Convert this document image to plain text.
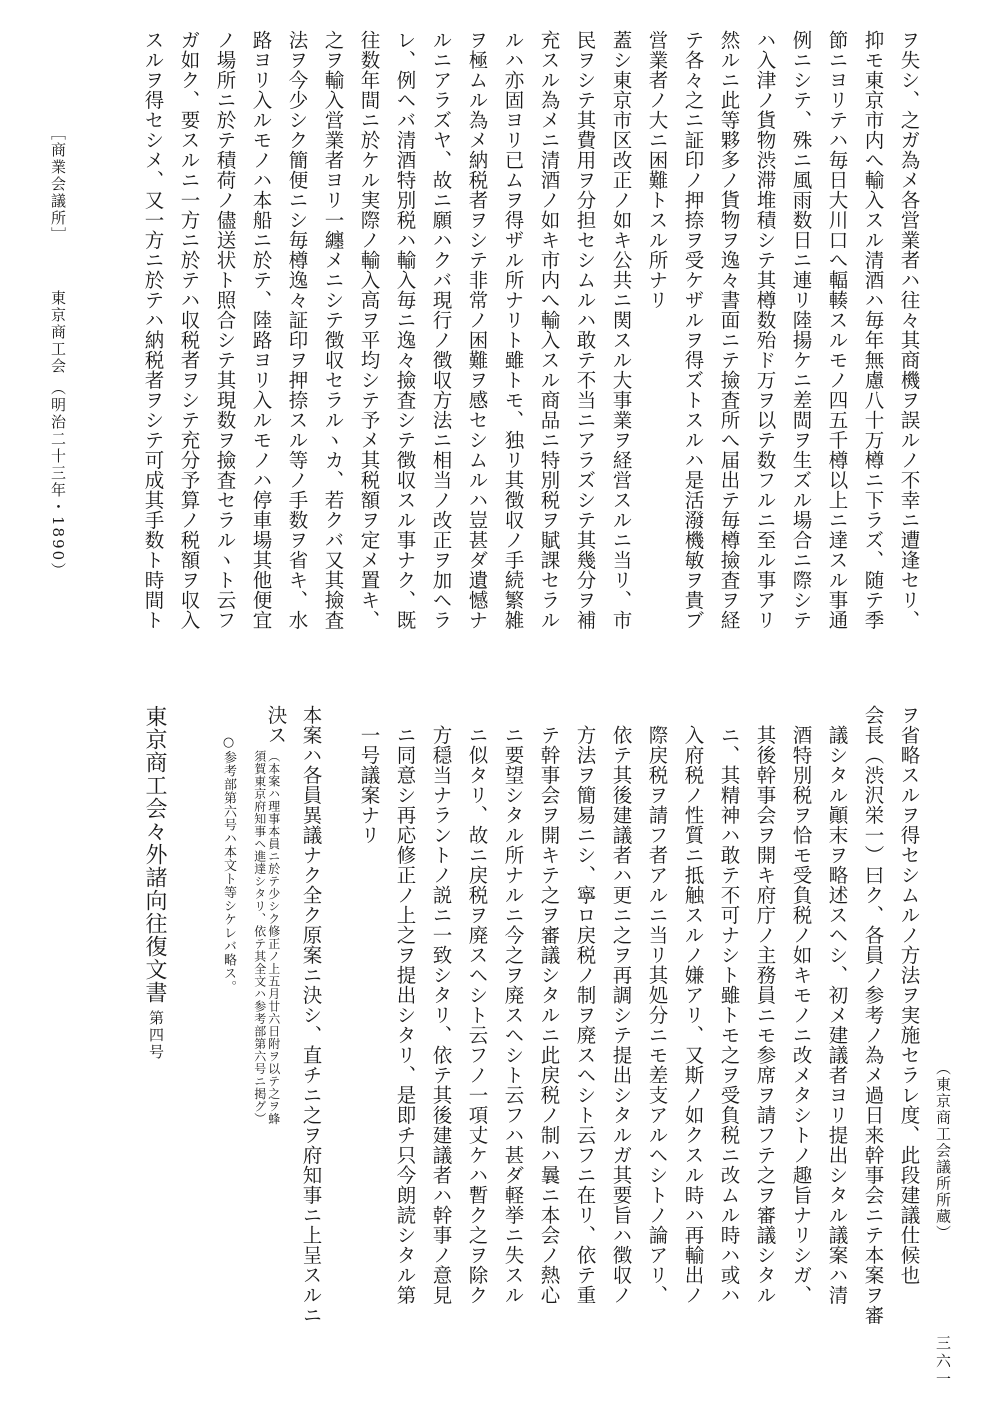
［商業会議所］
東京商工会
（明治二十三年・1890）	ヲ失シ、之ガ為メ各営業者ハ往々其商機ヲ誤ルノ不幸ニ遭逢セリ、
抑モ東京市内へ輸入スル清酒ハ毎年無慮八十万樽ニ下ラズ、随テ季
節ニヨリテハ毎日大川口へ輻輳スルモノ四五千樽以上ニ達スル事通
例ニシテ、殊ニ風雨数日ニ連リ陸揚ケニ差閊ヲ生ズル場合ニ際シテ
ハ入津ノ貨物渋滞堆積シテ其樽数殆ド万ヲ以テ数フルニ至ル事アリ
然ルニ此等夥多ノ貨物ヲ逸々書面ニテ撿査所へ届出テ毎樽撿査ヲ経
テ各々之ニ証印ノ押捺ヲ受ケザルヲ得ズトスルハ是活潑機敏ヲ貴ブ
営業者ノ大ニ困難トスル所ナリ
蓋シ東京市区改正ノ如キ公共ニ関スル大事業ヲ経営スルニ当リ、市
民ヲシテ其費用ヲ分担セシムルハ敢テ不当ニアラズシテ其幾分ヲ補
充スル為メニ清酒ノ如キ市内へ輸入スル商品ニ特別税ヲ賦課セラル
ルハ亦固ヨリ已ムヲ得ザル所ナリト雖トモ、独リ其徴収ノ手続繁雑
ヲ極ムル為メ納税者ヲシテ非常ノ困難ヲ感セシムルハ豈甚ダ遺憾ナ
ルニアラズヤ、故ニ願ハクバ現行ノ徴収方法ニ相当ノ改正ヲ加ヘラ
レ、例ヘバ清酒特別税ハ輸入毎ニ逸々撿査シテ徴収スル事ナク、既
往数年間ニ於ケル実際ノ輸入高ヲ平均シテ予メ其税額ヲ定メ置キ、
之ヲ輸入営業者ヨリ一纏メニシテ徴収セラルヽカ、若クバ又其撿査
法ヲ今少シク簡便ニシ毎樽逸々証印ヲ押捺スル等ノ手数ヲ省キ、水
路ヨリ入ルモノハ本船ニ於テ、陸路ヨリ入ルモノハ停車場其他便宜
ノ場所ニ於テ積荷ノ儘送状ト照合シテ其現数ヲ撿査セラルヽト云フ
ガ如ク、要スルニ一方ニ於テハ収税者ヲシテ充分予算ノ税額ヲ収入
スルヲ得セシメ、又一方ニ於テハ納税者ヲシテ可成其手数ト時間ト
三六一
（東京商工会議所所蔵）
ヲ省略スルヲ得セシムルノ方法ヲ実施セラレ度、此段建議仕候也
会長（渋沢栄一）曰ク、各員ノ参考ノ為メ過日来幹事会ニテ本案ヲ審
議シタル顚末ヲ略述スヘシ、初メ建議者ヨリ提出シタル議案ハ清
酒特別税ヲ恰モ受負税ノ如キモノニ改メタシトノ趣旨ナリシガ、
其後幹事会ヲ開キ府庁ノ主務員ニモ参席ヲ請フテ之ヲ審議シタル
ニ、其精神ハ敢テ不可ナシト雖トモ之ヲ受負税ニ改ムル時ハ或ハ
入府税ノ性質ニ抵触スルノ嫌アリ、又斯ノ如クスル時ハ再輸出ノ
際戻税ヲ請フ者アルニ当リ其処分ニモ差支アルヘシトノ論アリ、
依テ其後建議者ハ更ニ之ヲ再調シテ提出シタルガ其要旨ハ徴収ノ
方法ヲ簡易ニシ、寧ロ戻税ノ制ヲ廃スヘシト云フニ在リ、依テ重
テ幹事会ヲ開キテ之ヲ審議シタルニ此戻税ノ制ハ曩ニ本会ノ熱心
ニ要望シタル所ナルニ今之ヲ廃スヘシト云フハ甚ダ軽挙ニ失スル
ニ似タリ、故ニ戻税ヲ廃スヘシト云フノ一項丈ケハ暫ク之ヲ除ク
方穏当ナラントノ説ニ一致シタリ、依テ其後建議者ハ幹事ノ意見
ニ同意シ再応修正ノ上之ヲ提出シタリ、是即チ只今朗読シタル第
一号議案ナリ
本案ハ各員異議ナク全ク原案ニ決シ、直チニ之ヲ府知事ニ上呈スルニ
決ス
（本案ハ理事本員ニ於テ少シク修正ノ上五月廿六日附ヲ以テ之ヲ蜂
須賀東京府知事ヘ進達シタリ、依テ其全文ハ参考部第六号ニ掲グ）
○参考部第六号ハ本文ト等シケレバ略ス。
東京商工会々外諸向往復文書
第四号
